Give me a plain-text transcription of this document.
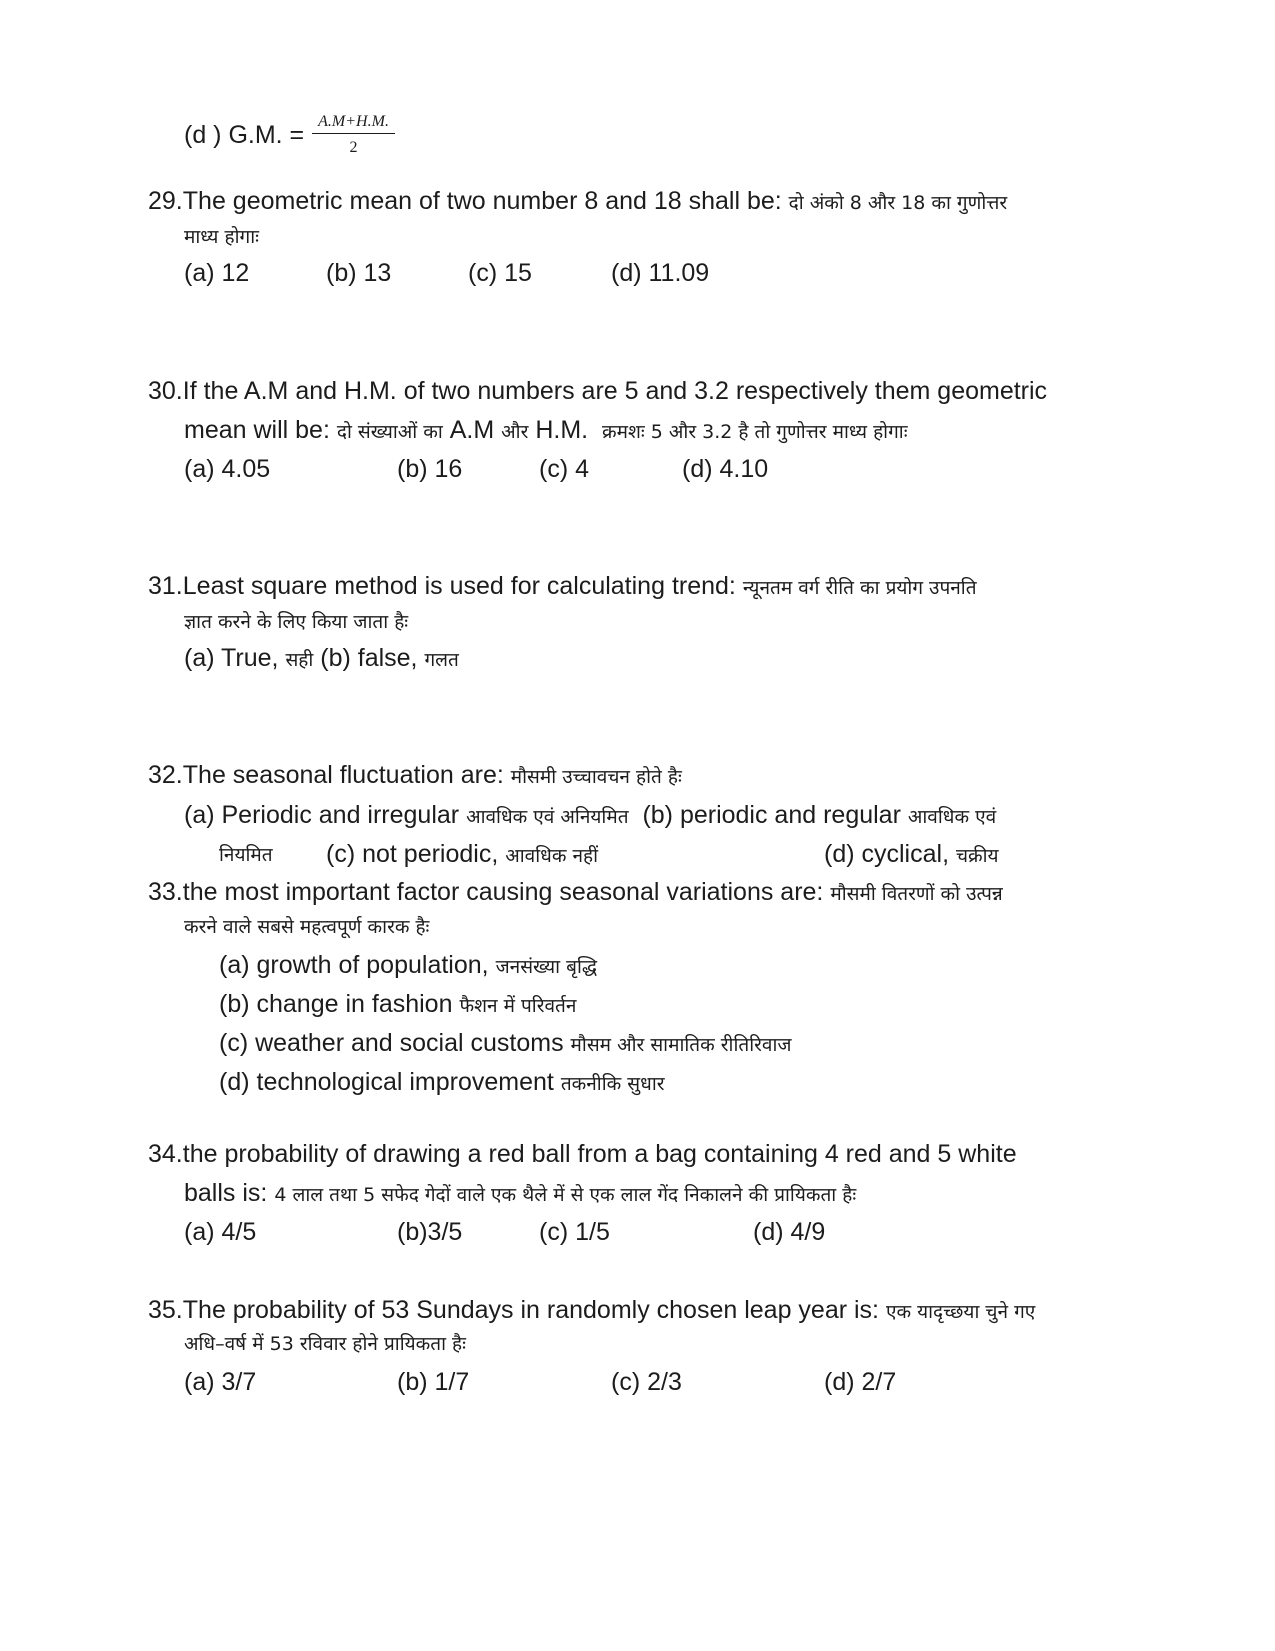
(d ) G.M. = $\frac{A.M+H.M.}{2}$
29.The geometric mean of two number 8 and 18 shall be: दो अंको 8 और 18 का गुणोत्तर
माध्य होगाः
(a) 12	(b) 13	(c) 15	(d) 11.09
30.If the A.M and H.M. of two numbers are 5 and 3.2 respectively them geometric
mean will be: दो संख्याओं का A.M और H.M. क्रमशः 5 और 3.2 है तो गुणोत्तर माध्य होगाः
(a) 4.05	(b) 16	(c) 4	(d) 4.10
31.Least square method is used for calculating trend: न्यूनतम वर्ग रीति का प्रयोग उपनति
ज्ञात करने के लिए किया जाता हैः
(a) True, सही (b) false, गलत
32.The seasonal fluctuation are: मौसमी उच्चावचन होते हैः
(a) Periodic and irregular आवधिक एवं अनियमित (b) periodic and regular आवधिक एवं
नियमित (c) not periodic, आवधिक नहीं	(d) cyclical, चक्रीय
33.the most important factor causing seasonal variations are: मौसमी वितरणों को उत्पन्न
करने वाले सबसे महत्वपूर्ण कारक हैः
(a) growth of population, जनसंख्या बृद्धि
(b) change in fashion फैशन में परिवर्तन
(c) weather and social customs मौसम और सामातिक रीतिरिवाज
(d) technological improvement तकनीकि सुधार
34.the probability of drawing a red ball from a bag containing 4 red and 5 white
balls is: 4 लाल तथा 5 सफेद गेदों वाले एक थैले में से एक लाल गेंद निकालने की प्रायिकता हैः
(a) 4/5	(b)3/5	(c) 1/5	(d) 4/9
35.The probability of 53 Sundays in randomly chosen leap year is: एक यादृच्छया चुने गए
अधि–वर्ष में 53 रविवार होने प्रायिकता हैः
(a) 3/7	(b) 1/7	(c) 2/3	(d) 2/7
